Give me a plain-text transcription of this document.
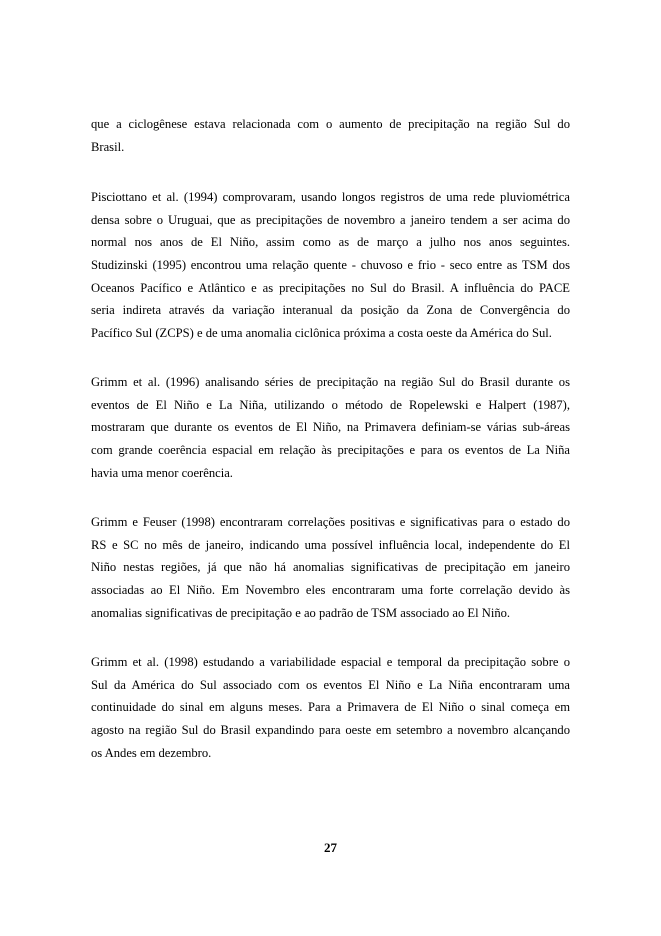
que a ciclogênese estava relacionada com o aumento de precipitação na região Sul do
Brasil.
Pisciottano et al. (1994) comprovaram, usando longos registros de uma rede pluviométrica
densa sobre o Uruguai, que as precipitações de novembro a janeiro tendem a ser acima do
normal nos anos de El Niño, assim como as de março a julho nos anos seguintes.
Studizinski (1995) encontrou uma relação quente - chuvoso e frio - seco entre as TSM dos
Oceanos Pacífico e Atlântico e as precipitações no Sul do Brasil. A influência do PACE
seria indireta através da variação interanual da posição da Zona de Convergência do
Pacífico Sul (ZCPS) e de uma anomalia ciclônica próxima a costa oeste da América do Sul.
Grimm et al. (1996) analisando séries de precipitação na região Sul do Brasil durante os
eventos de El Niño e La Niña, utilizando o método de Ropelewski e Halpert (1987),
mostraram que durante os eventos de El Niño, na Primavera definiam-se várias sub-áreas
com grande coerência espacial em relação às precipitações e para os eventos de La Niña
havia uma menor coerência.
Grimm e Feuser (1998) encontraram correlações positivas e significativas para o estado do
RS e SC no mês de janeiro, indicando uma possível influência local, independente do El
Niño nestas regiões, já que não há anomalias significativas de precipitação em janeiro
associadas ao El Niño. Em Novembro eles encontraram uma forte correlação devido às
anomalias significativas de precipitação e ao padrão de TSM associado ao El Niño.
Grimm et al. (1998) estudando a variabilidade espacial e temporal da precipitação sobre o
Sul da América do Sul associado com os eventos El Niño e La Niña encontraram uma
continuidade do sinal em alguns meses. Para a Primavera de El Niño o sinal começa em
agosto na região Sul do Brasil expandindo para oeste em setembro a novembro alcançando
os Andes em dezembro.
27
